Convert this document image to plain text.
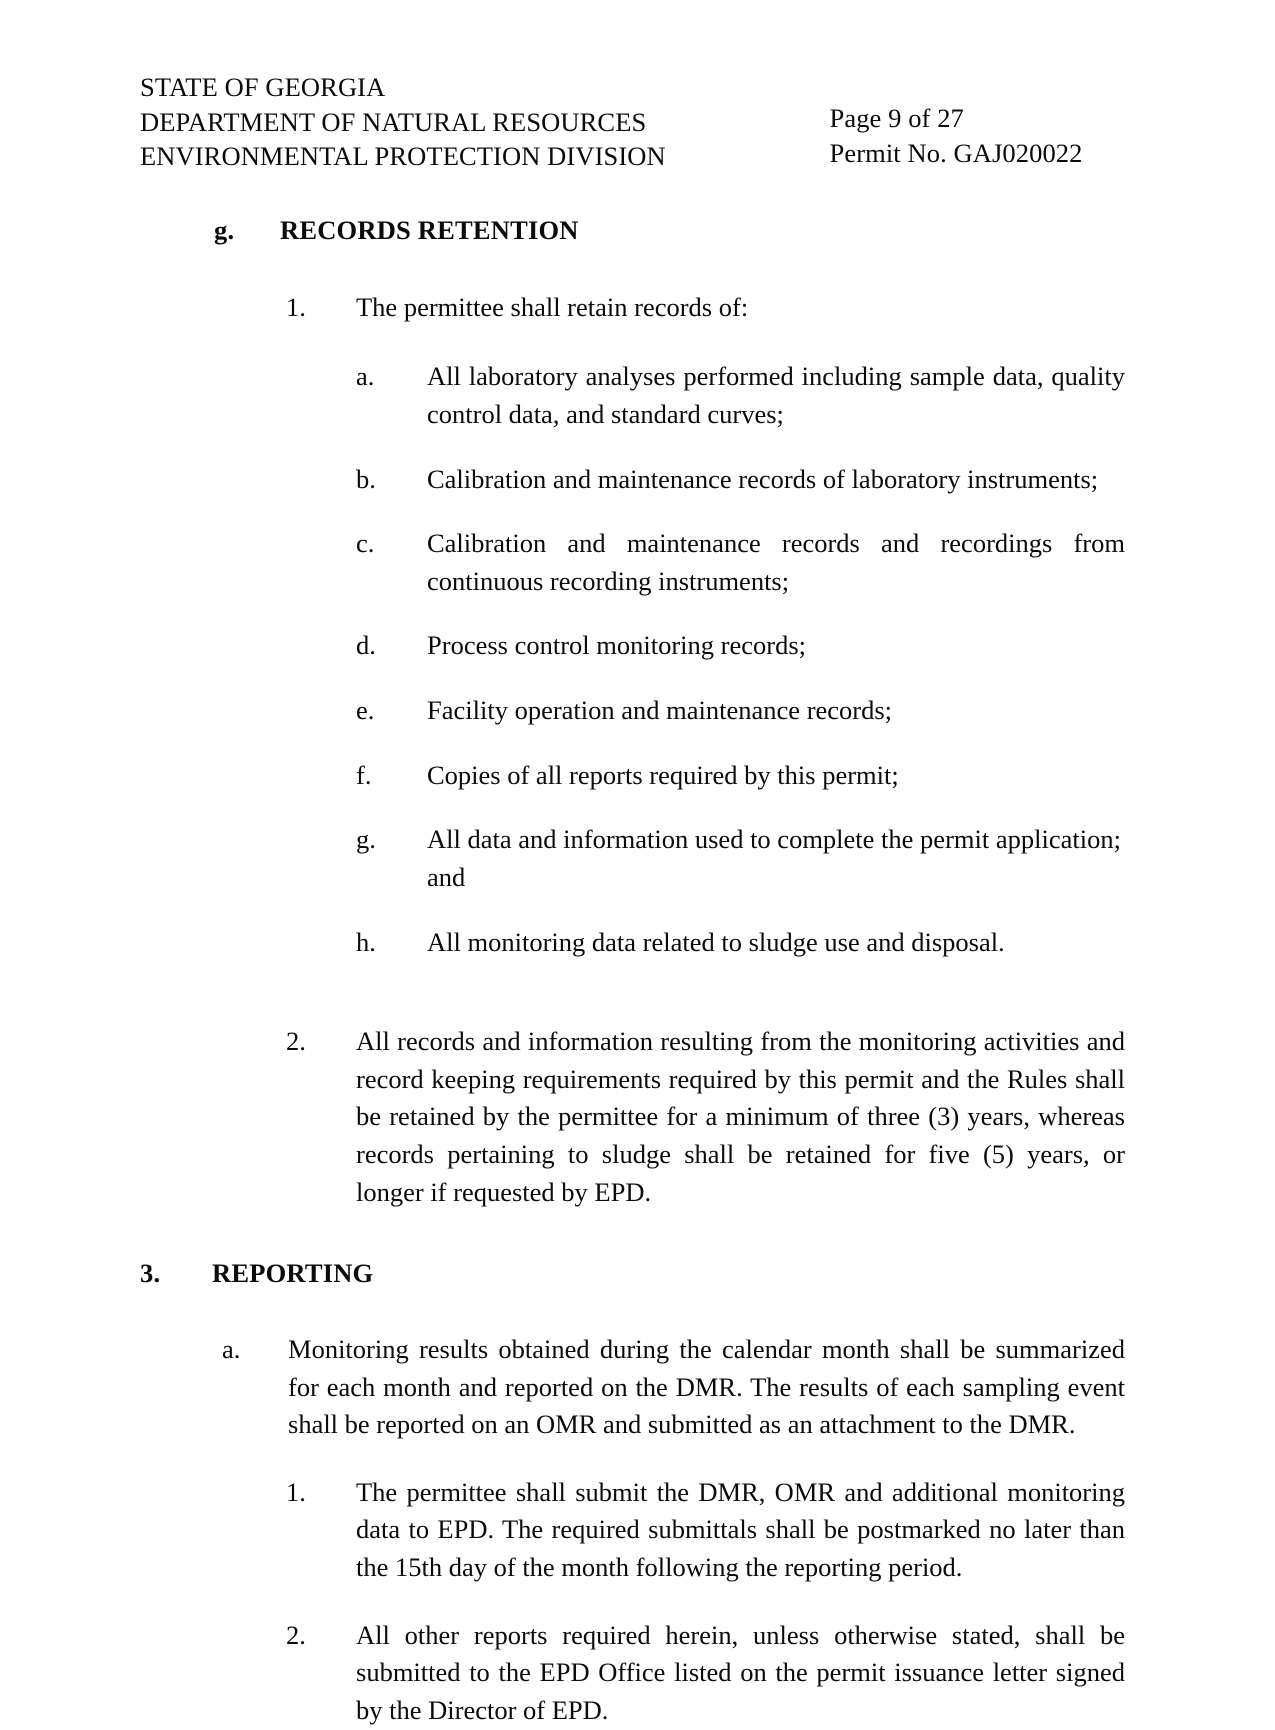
STATE OF GEORGIA
DEPARTMENT OF NATURAL RESOURCES
ENVIRONMENTAL PROTECTION DIVISION
Page 9 of 27
Permit No. GAJ020022
g.	RECORDS RETENTION
1.	The permittee shall retain records of:
a.	All laboratory analyses performed including sample data, quality control data, and standard curves;
b.	Calibration and maintenance records of laboratory instruments;
c.	Calibration and maintenance records and recordings from continuous recording instruments;
d.	Process control monitoring records;
e.	Facility operation and maintenance records;
f.	Copies of all reports required by this permit;
g.	All data and information used to complete the permit application; and
h.	All monitoring data related to sludge use and disposal.
2.	All records and information resulting from the monitoring activities and record keeping requirements required by this permit and the Rules shall be retained by the permittee for a minimum of three (3) years, whereas records pertaining to sludge shall be retained for five (5) years, or longer if requested by EPD.
3.	REPORTING
a.	Monitoring results obtained during the calendar month shall be summarized for each month and reported on the DMR. The results of each sampling event shall be reported on an OMR and submitted as an attachment to the DMR.
1.	The permittee shall submit the DMR, OMR and additional monitoring data to EPD. The required submittals shall be postmarked no later than the 15th day of the month following the reporting period.
2.	All other reports required herein, unless otherwise stated, shall be submitted to the EPD Office listed on the permit issuance letter signed by the Director of EPD.
